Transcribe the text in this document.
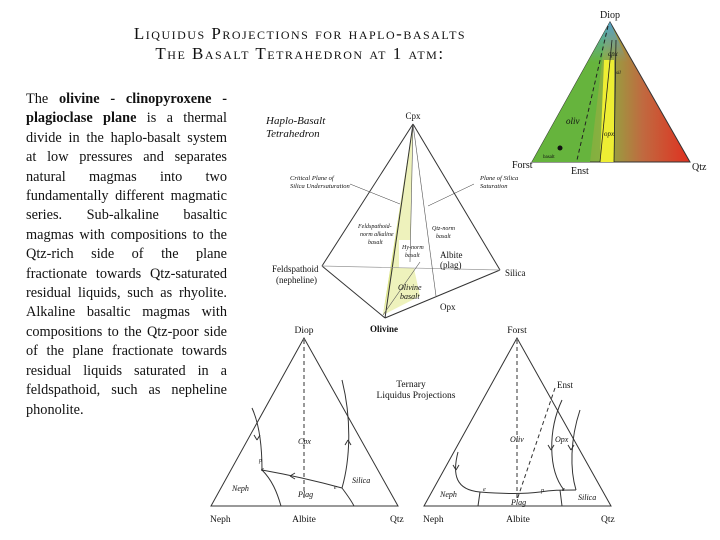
Liquidus Projections for haplo-basalts
The Basalt Tetrahedron at 1 atm:
The olivine - clinopyroxene - plagioclase plane is a thermal divide in the haplo-basalt system at low pressures and separates natural magmas into two fundamentally different magmatic series. Sub-alkaline basaltic magmas with compositions to the Qtz-rich side of the plane fractionate towards Qtz-saturated residual liquids, such as rhyolite. Alkaline basaltic magmas with compositions to the Qtz-poor side of the plane fractionate towards residual liquids saturated in a feldspathoid, such as nepheline phonolite.
Diop
Forst	Qtz
Enst
oliv
cpx
opx
sil
basalt
Haplo-Basalt
Tetrahedron
Cpx
Feldspathoid
(nepheline)
Silica
Olivine
Opx
Albite
(plag)
Critical Plane of
Silica Undersaturation
Plane of Silica
Saturation
Feldspathoid-
norm alkaline
basalt
Qtz-norm
basalt
Hy-norm
basalt
Olivine
basalt
Diop
Neph	Albite	Qtz
Cpx
Neph
Plag
Silica
p
e
e
Ternary
Liquidus Projections
Forst
Enst
Neph	Albite	Qtz
Oliv	Opx
Neph
Plag
Silica
e	p	e
